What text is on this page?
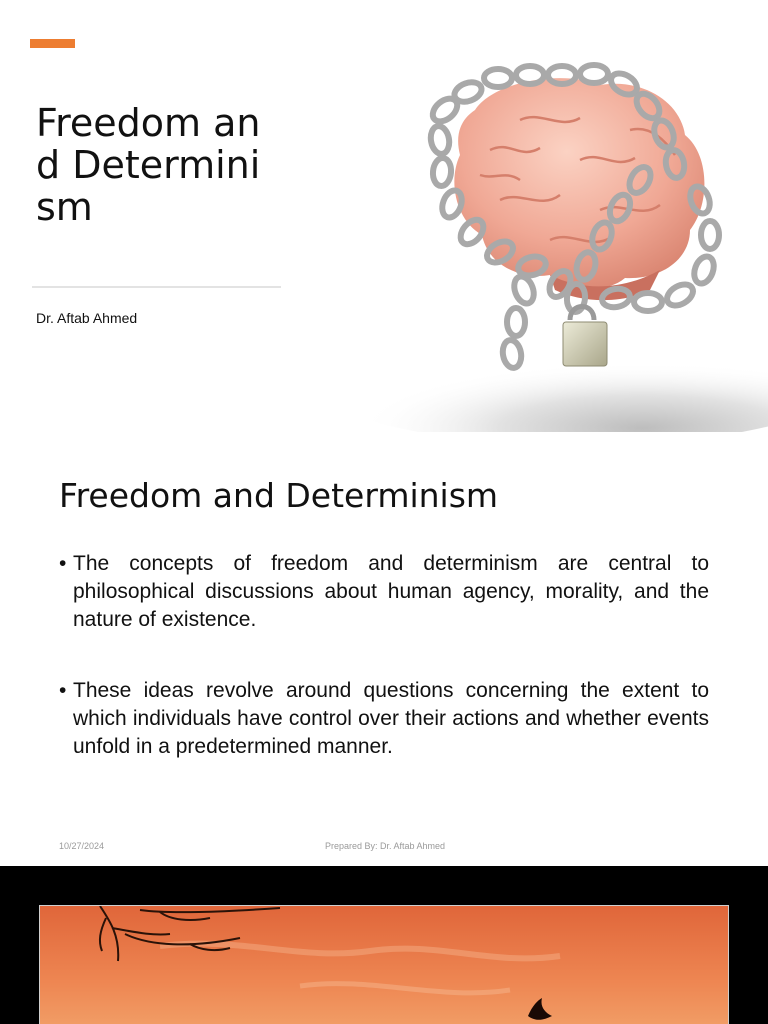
Freedom and Determinism
Dr. Aftab Ahmed
Freedom and Determinism
• The concepts of freedom and determinism are central to philosophical discussions about human agency, morality, and the nature of existence.
• These ideas revolve around questions concerning the extent to which individuals have control over their actions and whether events unfold in a predetermined manner.
10/27/2024	Prepared By: Dr. Aftab Ahmed
